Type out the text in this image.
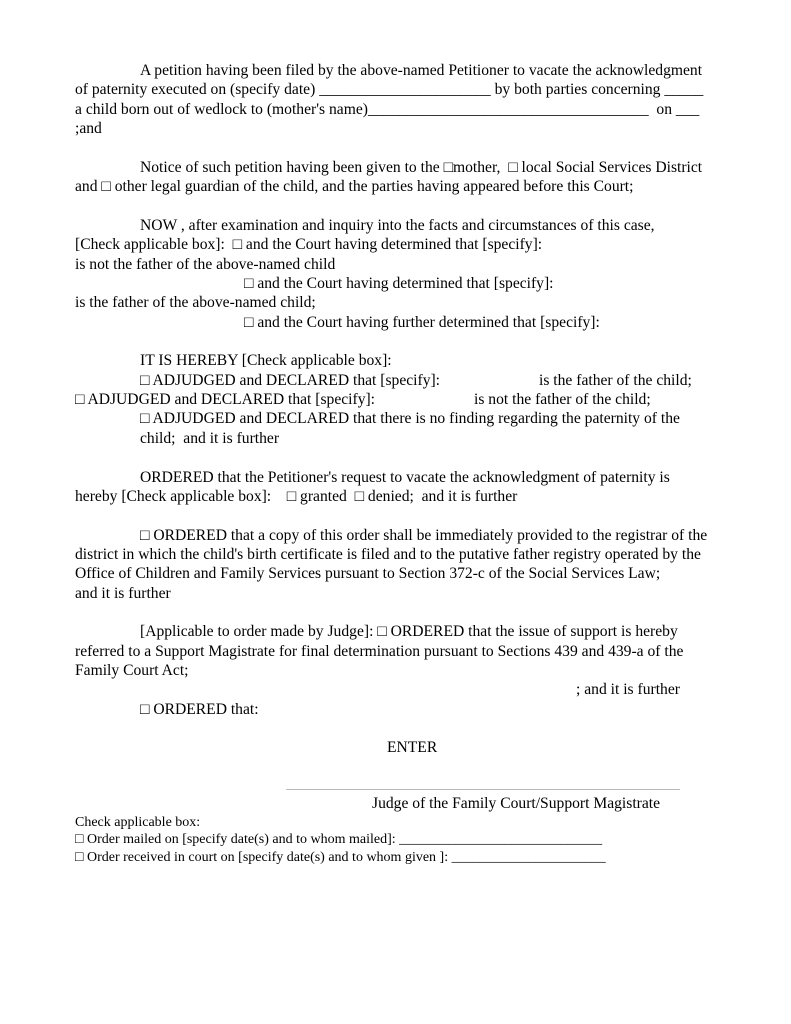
A petition having been filed by the above-named Petitioner to vacate the acknowledgment
of paternity executed on (specify date) ______________________ by both parties concerning _____
a child born out of wedlock to (mother's name)____________________________________  on ___
;and
Notice of such petition having been given to the □mother,  □ local Social Services District
and □ other legal guardian of the child, and the parties having appeared before this Court;
NOW , after examination and inquiry into the facts and circumstances of this case,
[Check applicable box]:  □ and the Court having determined that [specify]:
is not the father of the above-named child
□ and the Court having determined that [specify]:
is the father of the above-named child;
□ and the Court having further determined that [specify]:
IT IS HEREBY [Check applicable box]:
□ ADJUDGED and DECLARED that [specify]:	is the father of the child;
□ ADJUDGED and DECLARED that [specify]:	is not the father of the child;
□ ADJUDGED and DECLARED that there is no finding regarding the paternity of the
child;  and it is further
ORDERED that the Petitioner's request to vacate the acknowledgment of paternity is
hereby [Check applicable box]:    □ granted  □ denied;  and it is further
□ ORDERED that a copy of this order shall be immediately provided to the registrar of the
district in which the child's birth certificate is filed and to the putative father registry operated by the
Office of Children and Family Services pursuant to Section 372-c of the Social Services Law;
and it is further
[Applicable to order made by Judge]: □ ORDERED that the issue of support is hereby
referred to a Support Magistrate for final determination pursuant to Sections 439 and 439-a of the
Family Court Act;
; and it is further
□ ORDERED that:
ENTER
Judge of the Family Court/Support Magistrate
Check applicable box:
□ Order mailed on [specify date(s) and to whom mailed]: _____________________________
□ Order received in court on [specify date(s) and to whom given ]: ______________________
